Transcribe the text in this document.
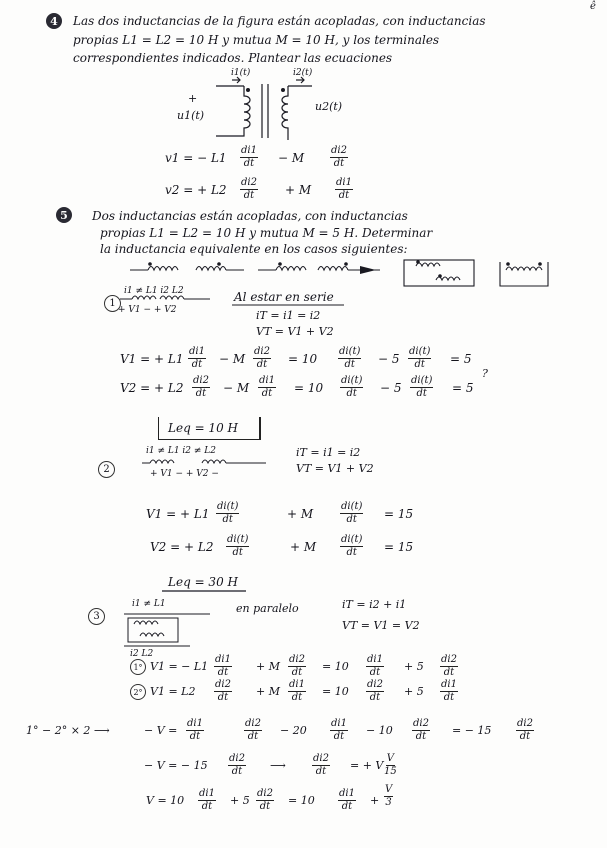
ê
4	Las dos inductancias de la figura están acopladas, con inductancias
propias L1 = L2 = 10 H y mutua M = 10 H, y los terminales
correspondientes indicados. Plantear las ecuaciones
i1(t)	i2(t)
+
u1(t)
u2(t)
v1 = − $L1 \frac{di1}{dt} - M$	$\frac{di2}{dt}$
v2 = + $L2 \frac{di2}{dt} + M \frac{di1}{dt}$
5	Dos inductancias están acopladas, con inductancias
propias L1 = L2 = 10 H y mutua M = 5 H. Determinar
la inductancia equivalente en los casos siguientes:
1
i1 ≠ L1 i2 L2
+ V1 − + V2
Al estar en serie
iT = i1 = i2
VT = V1 + V2
V1 = + $L1 \frac{di1}{dt} - M \frac{di2}{dt} = 10 \frac{di(t)}{dt} - 5 \frac{di(t)}{dt} = 5$
V2 = + $L2 \frac{di2}{dt} - M \frac{di1}{dt} = 10 \frac{di(t)}{dt} - 5 \frac{di(t)}{dt} = 5$
?
Leq = 10 H
2
i1 ≠ L1 i2 ≠ L2
+ V1 − + V2 −
iT = i1 = i2
VT = V1 + V2
V1 = + $L1 \frac{di(t)}{dt}$	+ M	$\frac{di(t)}{dt} = 15$
V2 = + $L2 \frac{di(t)}{dt}$	+ M $\frac{di(t)}{dt} = 15$
Leq = 30 H
3
i1 ≠ L1
i2 L2
en paralelo	iT = i2 + i1
VT = V1 = V2
1° V1 = − $L1 \frac{di1}{dt} + M \frac{di2}{dt} = 10 \frac{di1}{dt} + 5 \frac{di2}{dt}$
2° $V1 = L2 \frac{di2}{dt} + M \frac{di1}{dt} = 10 \frac{di2}{dt} + 5 \frac{di1}{dt}$
1° − 2° × 2 ⟶	− $V = \frac{di1}{dt}$	$\frac{di2}{dt} - 20 \frac{di1}{dt} - 10 \frac{di2}{dt}$ = − $15 \frac{di2}{dt}$
− V = − $15 \frac{di2}{dt}$ ⟶	$\frac{di2}{dt}$ = + V $\frac{V}{15}$
$V = 10 \frac{di1}{dt} + 5 \frac{di2}{dt} = 10 \frac{di1}{dt} + \frac{V}{3}$
